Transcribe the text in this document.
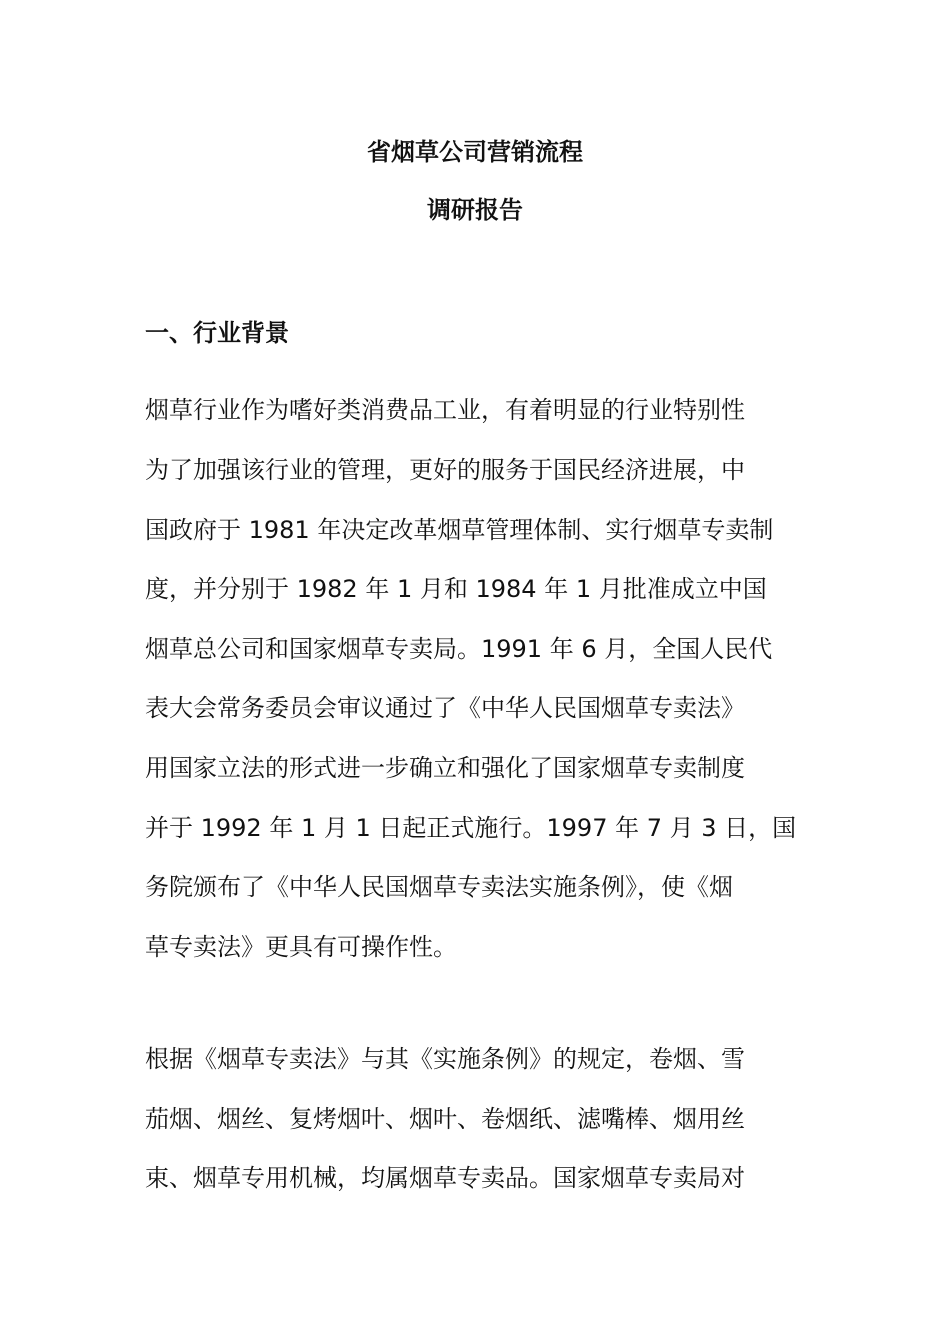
省烟草公司营销流程
调研报告
一、行业背景
烟草行业作为嗜好类消费品工业，有着明显的行业特别性
为了加强该行业的管理，更好的服务于国民经济进展，中
国政府于 1981 年决定改革烟草管理体制、实行烟草专卖制
度，并分别于 1982 年 1 月和 1984 年 1 月批准成立中国
烟草总公司和国家烟草专卖局。1991 年 6 月，全国人民代
表大会常务委员会审议通过了《中华人民国烟草专卖法》
用国家立法的形式进一步确立和强化了国家烟草专卖制度
并于 1992 年 1 月 1 日起正式施行。1997 年 7 月 3 日，国
务院颁布了《中华人民国烟草专卖法实施条例》，使《烟
草专卖法》更具有可操作性。
根据《烟草专卖法》与其《实施条例》的规定，卷烟、雪
茄烟、烟丝、复烤烟叶、烟叶、卷烟纸、滤嘴棒、烟用丝
束、烟草专用机械，均属烟草专卖品。国家烟草专卖局对
